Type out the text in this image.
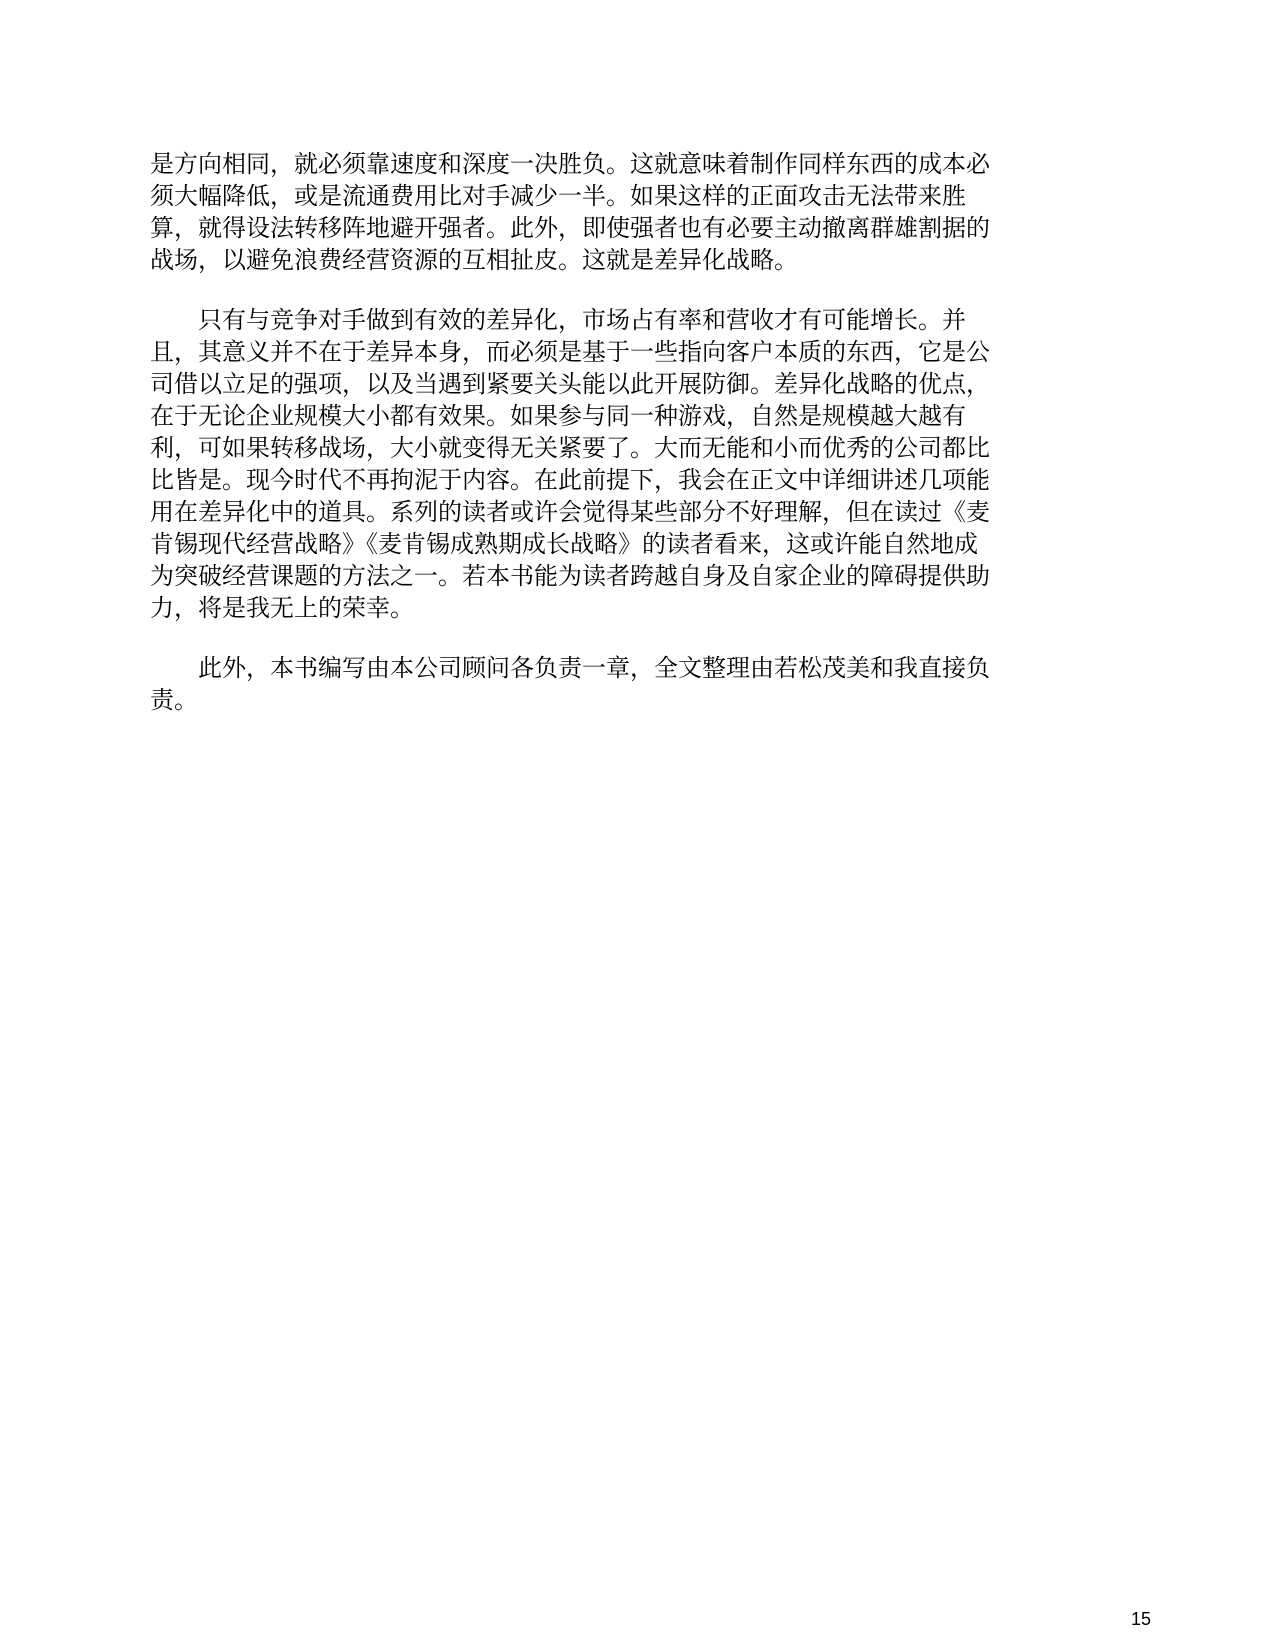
是方向相同，就必须靠速度和深度一决胜负。这就意味着制作同样东西的成本必
须大幅降低，或是流通费用比对手减少一半。如果这样的正面攻击无法带来胜
算，就得设法转移阵地避开强者。此外，即使强者也有必要主动撤离群雄割据的
战场，以避免浪费经营资源的互相扯皮。这就是差异化战略。

　　只有与竞争对手做到有效的差异化，市场占有率和营收才有可能增长。并
且，其意义并不在于差异本身，而必须是基于一些指向客户本质的东西，它是公
司借以立足的强项，以及当遇到紧要关头能以此开展防御。差异化战略的优点，
在于无论企业规模大小都有效果。如果参与同一种游戏，自然是规模越大越有
利，可如果转移战场，大小就变得无关紧要了。大而无能和小而优秀的公司都比
比皆是。现今时代不再拘泥于内容。在此前提下，我会在正文中详细讲述几项能
用在差异化中的道具。系列的读者或许会觉得某些部分不好理解，但在读过《麦
肯锡现代经营战略》《麦肯锡成熟期成长战略》的读者看来，这或许能自然地成
为突破经营课题的方法之一。若本书能为读者跨越自身及自家企业的障碍提供助
力，将是我无上的荣幸。

　　此外，本书编写由本公司顾问各负责一章，全文整理由若松茂美和我直接负
责。

15
